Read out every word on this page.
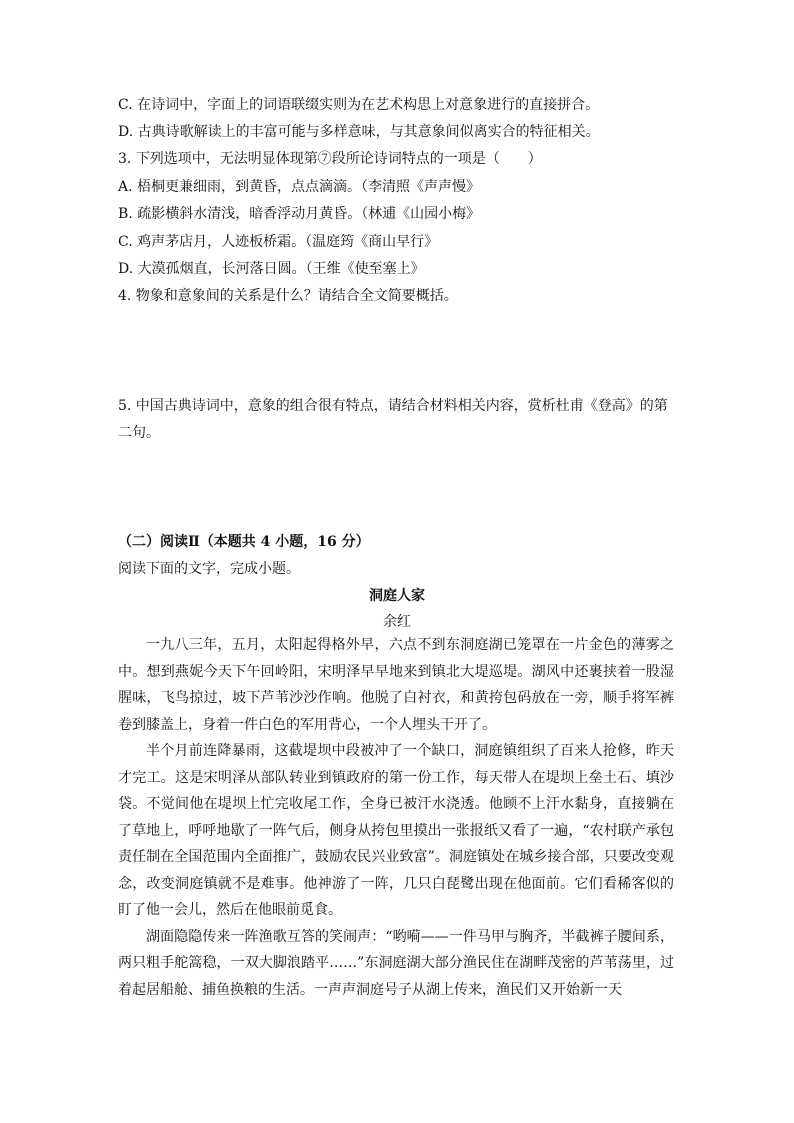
C. 在诗词中，字面上的词语联缀实则为在艺术构思上对意象进行的直接拼合。
D. 古典诗歌解读上的丰富可能与多样意味，与其意象间似离实合的特征相关。
3. 下列选项中，无法明显体现第⑦段所论诗词特点的一项是（　　）
A. 梧桐更兼细雨，到黄昏，点点滴滴。（李清照《声声慢》
B. 疏影横斜水清浅，暗香浮动月黄昏。（林逋《山园小梅》
C. 鸡声茅店月，人迹板桥霜。（温庭筠《商山早行》
D. 大漠孤烟直，长河落日圆。（王维《使至塞上》
4. 物象和意象间的关系是什么？请结合全文简要概括。
5. 中国古典诗词中，意象的组合很有特点，请结合材料相关内容，赏析杜甫《登高》的第
二句。
（二）阅读Ⅱ（本题共 4 小题，16 分）
阅读下面的文字，完成小题。
洞庭人家
余红

一九八三年，五月，太阳起得格外早，六点不到东洞庭湖已笼罩在一片金色的薄雾之中。想到燕妮今天下午回岭阳，宋明泽早早地来到镇北大堤巡堤。湖风中还裹挟着一股湿腥味，飞鸟掠过，坡下芦苇沙沙作响。他脱了白衬衣，和黄挎包码放在一旁，顺手将军裤卷到膝盖上，身着一件白色的军用背心，一个人埋头干开了。

半个月前连降暴雨，这截堤坝中段被冲了一个缺口，洞庭镇组织了百来人抢修，昨天才完工。这是宋明泽从部队转业到镇政府的第一份工作，每天带人在堤坝上垒土石、填沙袋。不觉间他在堤坝上忙完收尾工作，全身已被汗水浇透。他顾不上汗水黏身，直接躺在了草地上，呼呼地歇了一阵气后，侧身从挎包里摸出一张报纸又看了一遍，“农村联产承包责任制在全国范围内全面推广，鼓励农民兴业致富”。洞庭镇处在城乡接合部，只要改变观念，改变洞庭镇就不是难事。他神游了一阵，几只白琵鹭出现在他面前。它们看稀客似的盯了他一会儿，然后在他眼前觅食。

湖面隐隐传来一阵渔歌互答的笑闹声：“哟嗬——一件马甲与胸齐，半截裤子腰间系，两只粗手舵篙稳，一双大脚浪踏平……”东洞庭湖大部分渔民住在湖畔茂密的芦苇荡里，过着起居船舱、捕鱼换粮的生活。一声声洞庭号子从湖上传来，渔民们又开始新一天
